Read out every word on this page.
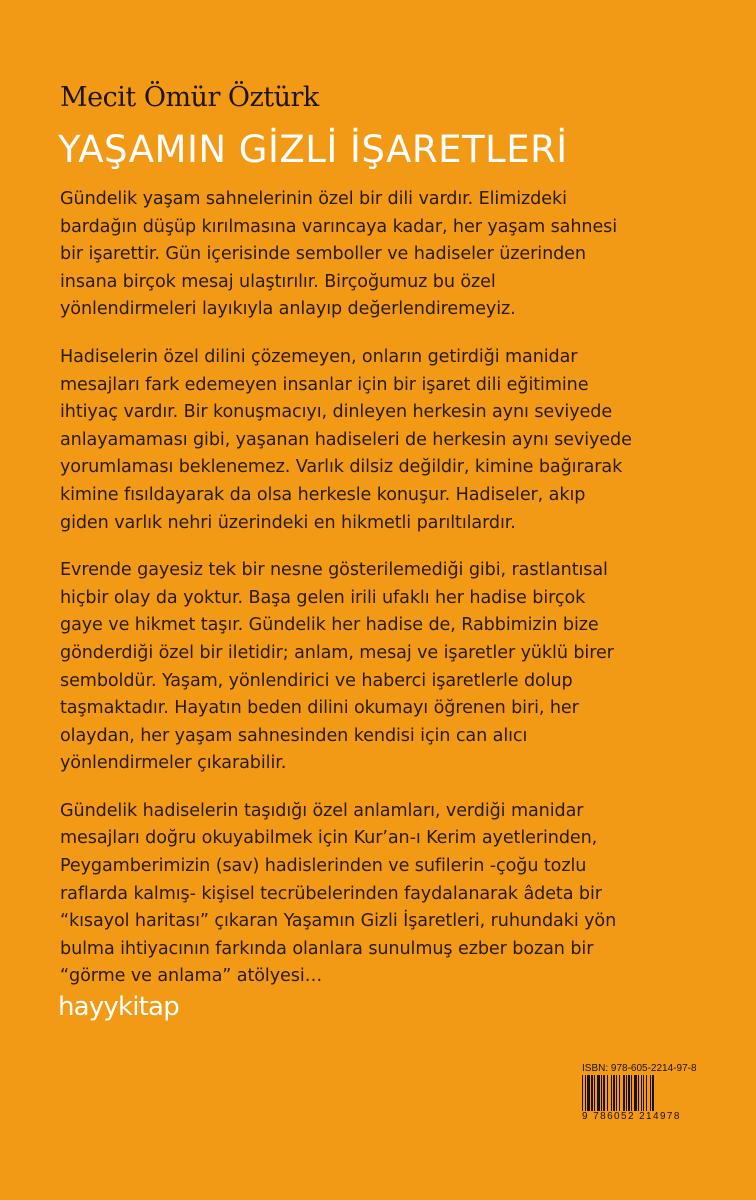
Mecit Ömür Öztürk
YAŞAMIN GİZLİ İŞARETLERİ
Gündelik yaşam sahnelerinin özel bir dili vardır. Elimizdeki
bardağın düşüp kırılmasına varıncaya kadar, her yaşam sahnesi
bir işarettir. Gün içerisinde semboller ve hadiseler üzerinden
insana birçok mesaj ulaştırılır. Birçoğumuz bu özel
yönlendirmeleri layıkıyla anlayıp değerlendiremeyiz.
Hadiselerin özel dilini çözemeyen, onların getirdiği manidar
mesajları fark edemeyen insanlar için bir işaret dili eğitimine
ihtiyaç vardır. Bir konuşmacıyı, dinleyen herkesin aynı seviyede
anlayamaması gibi, yaşanan hadiseleri de herkesin aynı seviyede
yorumlaması beklenemez. Varlık dilsiz değildir, kimine bağırarak
kimine fısıldayarak da olsa herkesle konuşur. Hadiseler, akıp
giden varlık nehri üzerindeki en hikmetli parıltılardır.
Evrende gayesiz tek bir nesne gösterilemediği gibi, rastlantısal
hiçbir olay da yoktur. Başa gelen irili ufaklı her hadise birçok
gaye ve hikmet taşır. Gündelik her hadise de, Rabbimizin bize
gönderdiği özel bir iletidir; anlam, mesaj ve işaretler yüklü birer
semboldür. Yaşam, yönlendirici ve haberci işaretlerle dolup
taşmaktadır. Hayatın beden dilini okumayı öğrenen biri, her
olaydan, her yaşam sahnesinden kendisi için can alıcı
yönlendirmeler çıkarabilir.
Gündelik hadiselerin taşıdığı özel anlamları, verdiği manidar
mesajları doğru okuyabilmek için Kur’an-ı Kerim ayetlerinden,
Peygamberimizin (sav) hadislerinden ve sufilerin -çoğu tozlu
raflarda kalmış- kişisel tecrübelerinden faydalanarak âdeta bir
“kısayol haritası” çıkaran Yaşamın Gizli İşaretleri, ruhundaki yön
bulma ihtiyacının farkında olanlara sunulmuş ezber bozan bir
“görme ve anlama” atölyesi…
hayykitap
ISBN: 978-605-2214-97-8
9 786052 214978
